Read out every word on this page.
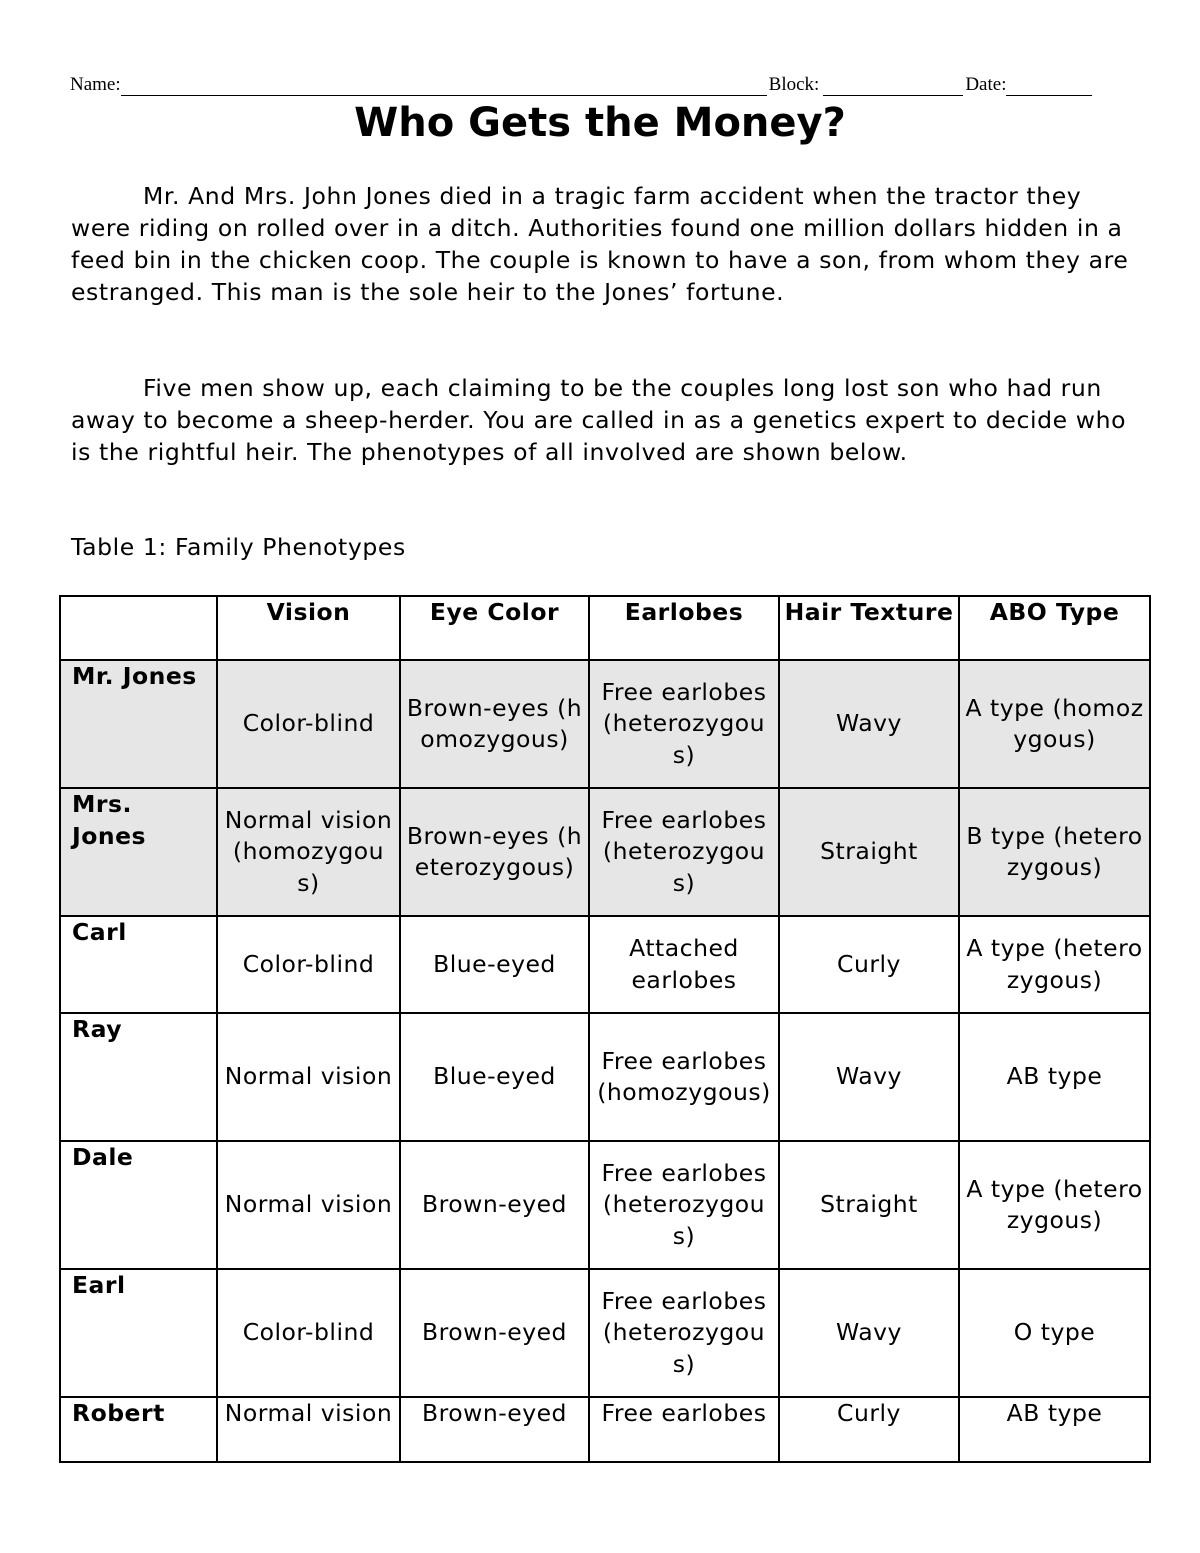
Name:	Block:	Date:
Who Gets the Money?

Mr. And Mrs. John Jones died in a tragic farm accident when the tractor they were riding on rolled over in a ditch. Authorities found one million dollars hidden in a feed bin in the chicken coop. The couple is known to have a son, from whom they are estranged. This man is the sole heir to the Jones’ fortune.

Five men show up, each claiming to be the couples long lost son who had run away to become a sheep-herder. You are called in as a genetics expert to decide who is the rightful heir. The phenotypes of all involved are shown below.

Table 1: Family Phenotypes

	Vision	Eye Color	Earlobes	Hair Texture	ABO Type
Mr. Jones	Color-blind	Brown-eyes (homozygous)	Free earlobes (heterozygous)	Wavy	A type (homozygous)
Mrs. Jones	Normal vision (homozygous)	Brown-eyes (heterozygous)	Free earlobes (heterozygous)	Straight	B type (heterozygous)
Carl	Color-blind	Blue-eyed	Attached earlobes	Curly	A type (heterozygous)
Ray	Normal vision	Blue-eyed	Free earlobes (homozygous)	Wavy	AB type
Dale	Normal vision	Brown-eyed	Free earlobes (heterozygous)	Straight	A type (heterozygous)
Earl	Color-blind	Brown-eyed	Free earlobes (heterozygous)	Wavy	O type
Robert	Normal vision	Brown-eyed	Free earlobes	Curly	AB type
